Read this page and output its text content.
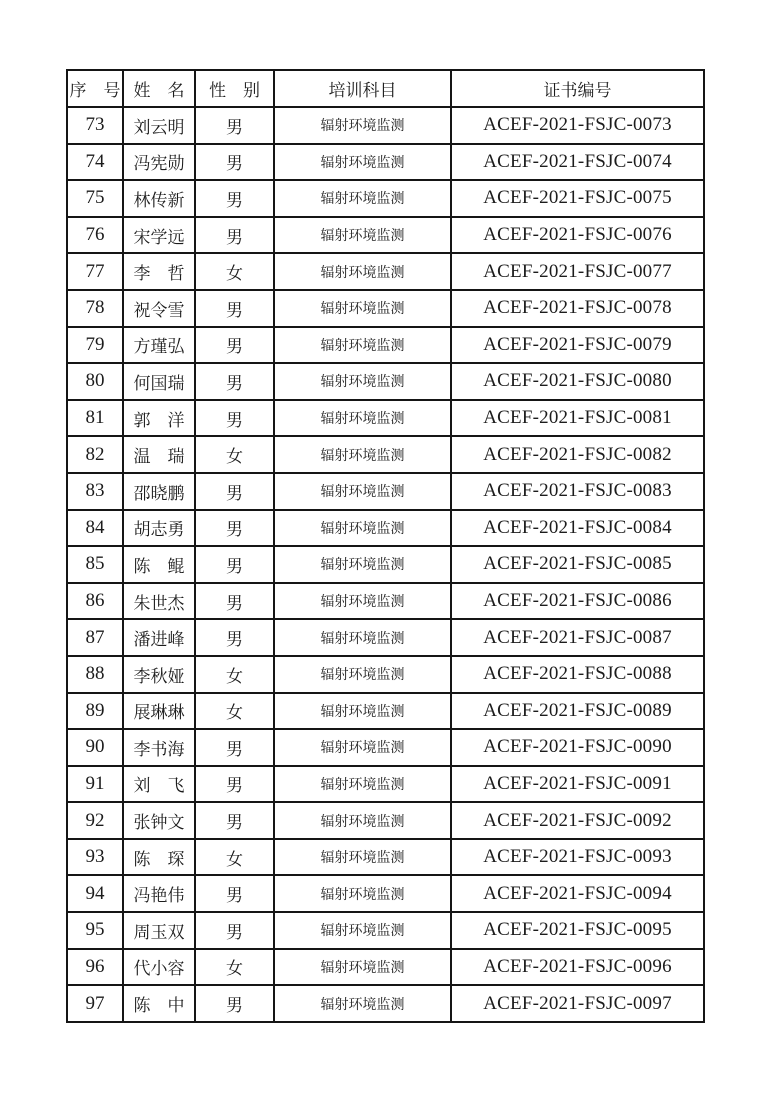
序　号	姓　名	性　别	培训科目	证书编号
73	刘云明	男	辐射环境监测	ACEF-2021-FSJC-0073
74	冯宪勋	男	辐射环境监测	ACEF-2021-FSJC-0074
75	林传新	男	辐射环境监测	ACEF-2021-FSJC-0075
76	宋学远	男	辐射环境监测	ACEF-2021-FSJC-0076
77	李　哲	女	辐射环境监测	ACEF-2021-FSJC-0077
78	祝令雪	男	辐射环境监测	ACEF-2021-FSJC-0078
79	方瑾弘	男	辐射环境监测	ACEF-2021-FSJC-0079
80	何国瑞	男	辐射环境监测	ACEF-2021-FSJC-0080
81	郭　洋	男	辐射环境监测	ACEF-2021-FSJC-0081
82	温　瑞	女	辐射环境监测	ACEF-2021-FSJC-0082
83	邵晓鹏	男	辐射环境监测	ACEF-2021-FSJC-0083
84	胡志勇	男	辐射环境监测	ACEF-2021-FSJC-0084
85	陈　鲲	男	辐射环境监测	ACEF-2021-FSJC-0085
86	朱世杰	男	辐射环境监测	ACEF-2021-FSJC-0086
87	潘进峰	男	辐射环境监测	ACEF-2021-FSJC-0087
88	李秋娅	女	辐射环境监测	ACEF-2021-FSJC-0088
89	展琳琳	女	辐射环境监测	ACEF-2021-FSJC-0089
90	李书海	男	辐射环境监测	ACEF-2021-FSJC-0090
91	刘　飞	男	辐射环境监测	ACEF-2021-FSJC-0091
92	张钟文	男	辐射环境监测	ACEF-2021-FSJC-0092
93	陈　琛	女	辐射环境监测	ACEF-2021-FSJC-0093
94	冯艳伟	男	辐射环境监测	ACEF-2021-FSJC-0094
95	周玉双	男	辐射环境监测	ACEF-2021-FSJC-0095
96	代小容	女	辐射环境监测	ACEF-2021-FSJC-0096
97	陈　中	男	辐射环境监测	ACEF-2021-FSJC-0097
